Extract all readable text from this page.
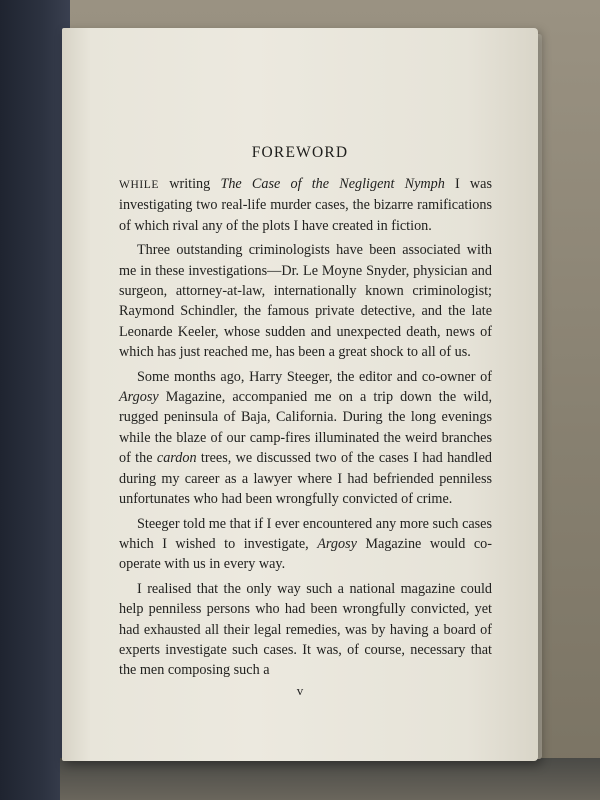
FOREWORD

WHILE writing The Case of the Negligent Nymph I was investigating two real-life murder cases, the bizarre ramifications of which rival any of the plots I have created in fiction.

Three outstanding criminologists have been associated with me in these investigations—Dr. Le Moyne Snyder, physician and surgeon, attorney-at-law, internationally known criminologist; Raymond Schindler, the famous private detective, and the late Leonarde Keeler, whose sudden and unexpected death, news of which has just reached me, has been a great shock to all of us.

Some months ago, Harry Steeger, the editor and co-owner of Argosy Magazine, accompanied me on a trip down the wild, rugged peninsula of Baja, California. During the long evenings while the blaze of our camp-fires illuminated the weird branches of the cardon trees, we discussed two of the cases I had handled during my career as a lawyer where I had befriended penniless unfortunates who had been wrongfully convicted of crime.

Steeger told me that if I ever encountered any more such cases which I wished to investigate, Argosy Magazine would co-operate with us in every way.

I realised that the only way such a national magazine could help penniless persons who had been wrongfully convicted, yet had exhausted all their legal remedies, was by having a board of experts investigate such cases. It was, of course, necessary that the men composing such a

v
